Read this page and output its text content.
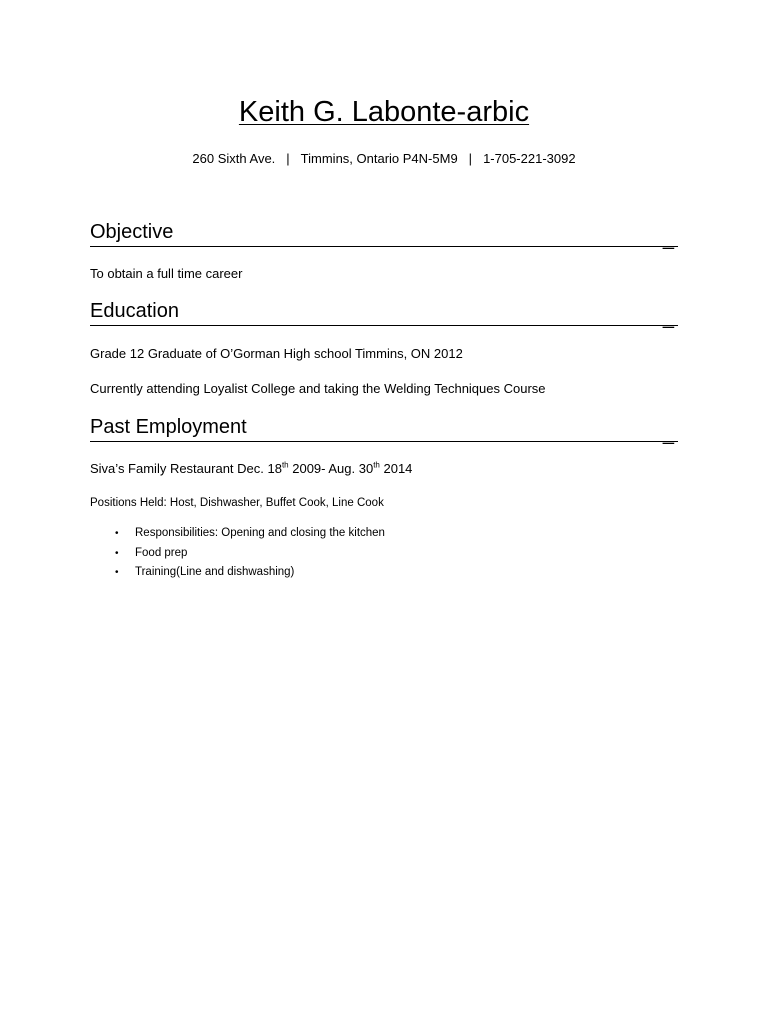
Keith G. Labonte-arbic
260 Sixth Ave. | Timmins, Ontario P4N-5M9 | 1-705-221-3092
Objective	_
To obtain a full time career
Education	_
Grade 12 Graduate of O’Gorman High school Timmins, ON 2012
Currently attending Loyalist College and taking the Welding Techniques Course
Past Employment	_
Siva’s Family Restaurant Dec. 18th 2009- Aug. 30th 2014
Positions Held: Host, Dishwasher, Buffet Cook, Line Cook
• Responsibilities: Opening and closing the kitchen
• Food prep
• Training(Line and dishwashing)
